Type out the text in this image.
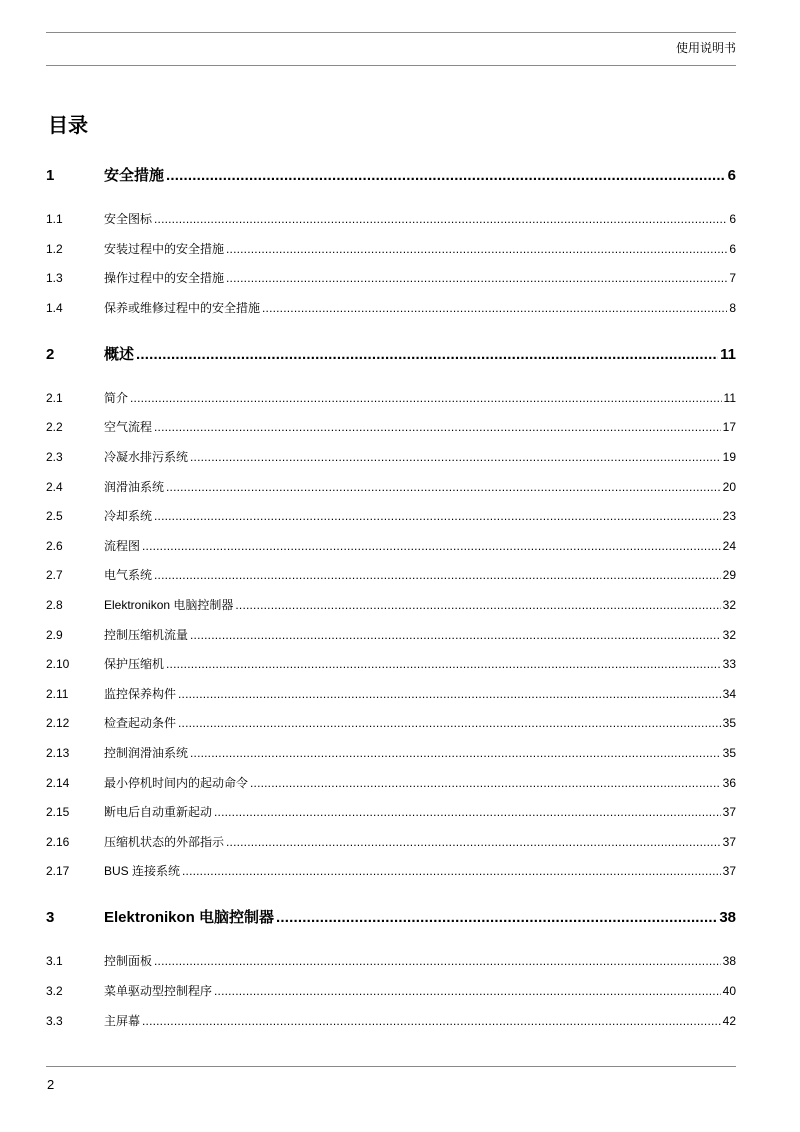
使用说明书
目录
1	安全措施 .....	6
1.1	安全图标 .....	6
1.2	安装过程中的安全措施 .....	6
1.3	操作过程中的安全措施 .....	7
1.4	保养或维修过程中的安全措施 .....	8
2	概述 .....	11
2.1	简介 .....	11
2.2	空气流程 .....	17
2.3	冷凝水排污系统 .....	19
2.4	润滑油系统 .....	20
2.5	冷却系统 .....	23
2.6	流程图 .....	24
2.7	电气系统 .....	29
2.8	Elektronikon 电脑控制器 .....	32
2.9	控制压缩机流量 .....	32
2.10	保护压缩机 .....	33
2.11	监控保养构件 .....	34
2.12	检查起动条件 .....	35
2.13	控制润滑油系统 .....	35
2.14	最小停机时间内的起动命令 .....	36
2.15	断电后自动重新起动 .....	37
2.16	压缩机状态的外部指示 .....	37
2.17	BUS 连接系统 .....	37
3	Elektronikon 电脑控制器 .....	38
3.1	控制面板 .....	38
3.2	菜单驱动型控制程序 .....	40
3.3	主屏幕 .....	42
2
